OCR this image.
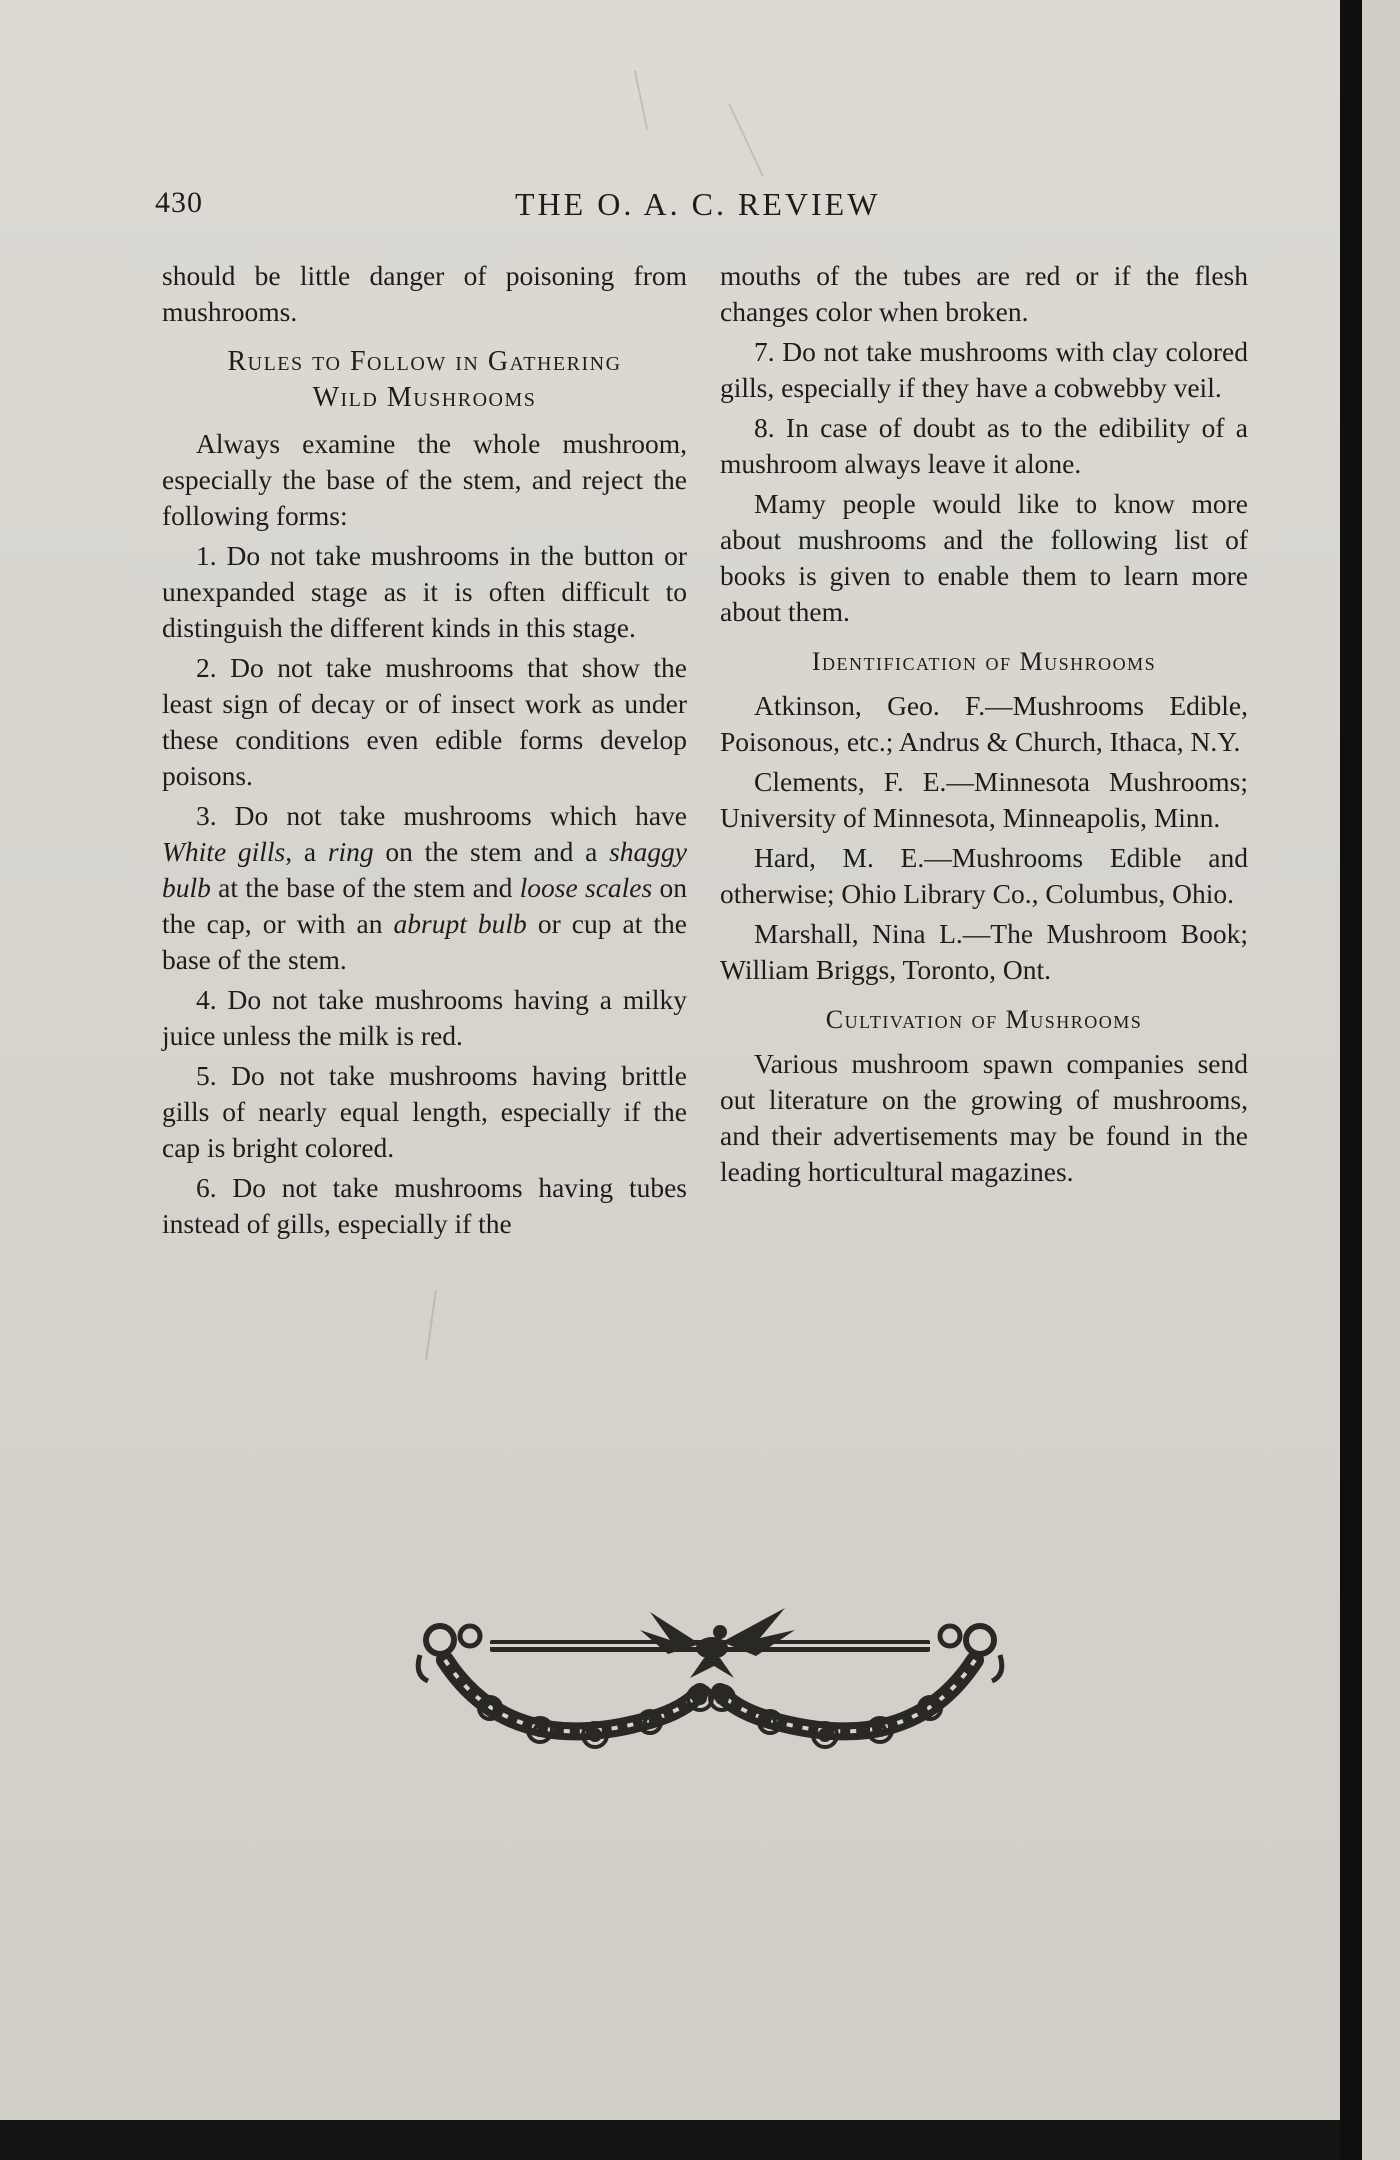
430	THE O. A. C. REVIEW

should be little danger of poisoning from mushrooms.

Rules to Follow in Gathering
Wild Mushrooms

Always examine the whole mushroom, especially the base of the stem, and reject the following forms:

1. Do not take mushrooms in the button or unexpanded stage as it is often difficult to distinguish the different kinds in this stage.

2. Do not take mushrooms that show the least sign of decay or of insect work as under these conditions even edible forms develop poisons.

3. Do not take mushrooms which have White gills, a ring on the stem and a shaggy bulb at the base of the stem and loose scales on the cap, or with an abrupt bulb or cup at the base of the stem.

4. Do not take mushrooms having a milky juice unless the milk is red.

5. Do not take mushrooms having brittle gills of nearly equal length, especially if the cap is bright colored.

6. Do not take mushrooms having tubes instead of gills, especially if the

mouths of the tubes are red or if the flesh changes color when broken.

7. Do not take mushrooms with clay colored gills, especially if they have a cobwebby veil.

8. In case of doubt as to the edibility of a mushroom always leave it alone.

Mamy people would like to know more about mushrooms and the following list of books is given to enable them to learn more about them.

Identification of Mushrooms

Atkinson, Geo. F.—Mushrooms Edible, Poisonous, etc.; Andrus & Church, Ithaca, N.Y.

Clements, F. E.—Minnesota Mushrooms; University of Minnesota, Minneapolis, Minn.

Hard, M. E.—Mushrooms Edible and otherwise; Ohio Library Co., Columbus, Ohio.

Marshall, Nina L.—The Mushroom Book; William Briggs, Toronto, Ont.

Cultivation of Mushrooms

Various mushroom spawn companies send out literature on the growing of mushrooms, and their advertisements may be found in the leading horticultural magazines.
